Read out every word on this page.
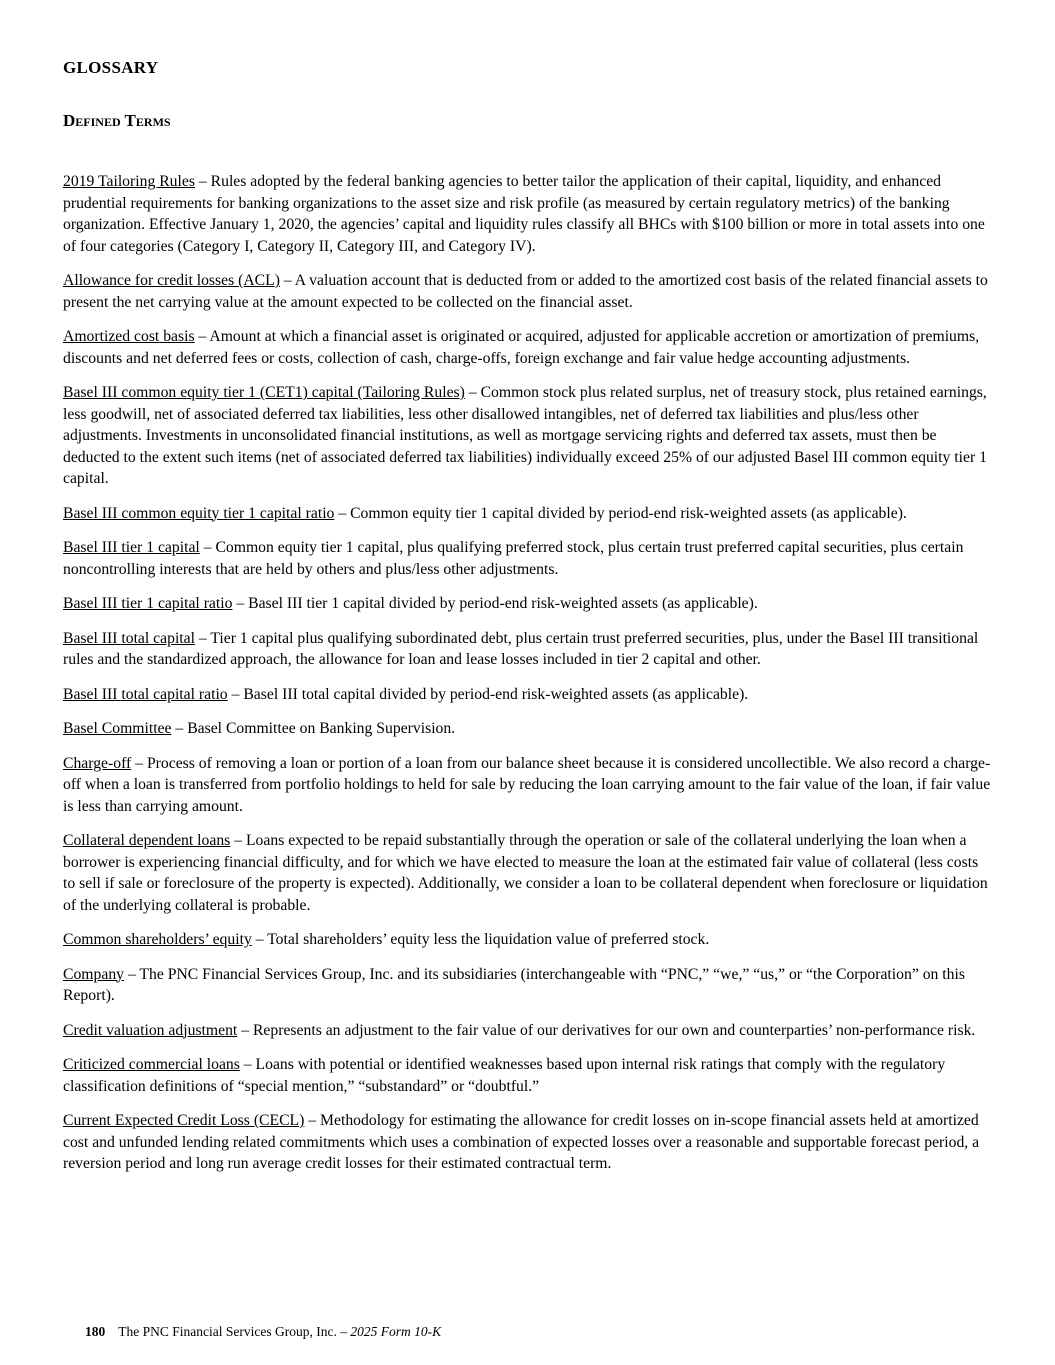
GLOSSARY
Defined Terms

2019 Tailoring Rules – Rules adopted by the federal banking agencies to better tailor the application of their capital, liquidity, and enhanced prudential requirements for banking organizations to the asset size and risk profile (as measured by certain regulatory metrics) of the banking organization. Effective January 1, 2020, the agencies’ capital and liquidity rules classify all BHCs with $100 billion or more in total assets into one of four categories (Category I, Category II, Category III, and Category IV).

Allowance for credit losses (ACL) – A valuation account that is deducted from or added to the amortized cost basis of the related financial assets to present the net carrying value at the amount expected to be collected on the financial asset.

Amortized cost basis – Amount at which a financial asset is originated or acquired, adjusted for applicable accretion or amortization of premiums, discounts and net deferred fees or costs, collection of cash, charge-offs, foreign exchange and fair value hedge accounting adjustments.

Basel III common equity tier 1 (CET1) capital (Tailoring Rules) – Common stock plus related surplus, net of treasury stock, plus retained earnings, less goodwill, net of associated deferred tax liabilities, less other disallowed intangibles, net of deferred tax liabilities and plus/less other adjustments. Investments in unconsolidated financial institutions, as well as mortgage servicing rights and deferred tax assets, must then be deducted to the extent such items (net of associated deferred tax liabilities) individually exceed 25% of our adjusted Basel III common equity tier 1 capital.

Basel III common equity tier 1 capital ratio – Common equity tier 1 capital divided by period-end risk-weighted assets (as applicable).

Basel III tier 1 capital – Common equity tier 1 capital, plus qualifying preferred stock, plus certain trust preferred capital securities, plus certain noncontrolling interests that are held by others and plus/less other adjustments.

Basel III tier 1 capital ratio – Basel III tier 1 capital divided by period-end risk-weighted assets (as applicable).

Basel III total capital – Tier 1 capital plus qualifying subordinated debt, plus certain trust preferred securities, plus, under the Basel III transitional rules and the standardized approach, the allowance for loan and lease losses included in tier 2 capital and other.

Basel III total capital ratio – Basel III total capital divided by period-end risk-weighted assets (as applicable).

Basel Committee – Basel Committee on Banking Supervision.

Charge-off – Process of removing a loan or portion of a loan from our balance sheet because it is considered uncollectible. We also record a charge-off when a loan is transferred from portfolio holdings to held for sale by reducing the loan carrying amount to the fair value of the loan, if fair value is less than carrying amount.

Collateral dependent loans – Loans expected to be repaid substantially through the operation or sale of the collateral underlying the loan when a borrower is experiencing financial difficulty, and for which we have elected to measure the loan at the estimated fair value of collateral (less costs to sell if sale or foreclosure of the property is expected). Additionally, we consider a loan to be collateral dependent when foreclosure or liquidation of the underlying collateral is probable.

Common shareholders’ equity – Total shareholders’ equity less the liquidation value of preferred stock.

Company – The PNC Financial Services Group, Inc. and its subsidiaries (interchangeable with “PNC,” “we,” “us,” or “the Corporation” on this Report).

Credit valuation adjustment – Represents an adjustment to the fair value of our derivatives for our own and counterparties’ non-performance risk.

Criticized commercial loans – Loans with potential or identified weaknesses based upon internal risk ratings that comply with the regulatory classification definitions of “special mention,” “substandard” or “doubtful.”

Current Expected Credit Loss (CECL) – Methodology for estimating the allowance for credit losses on in-scope financial assets held at amortized cost and unfunded lending related commitments which uses a combination of expected losses over a reasonable and supportable forecast period, a reversion period and long run average credit losses for their estimated contractual term.

180 The PNC Financial Services Group, Inc. – 2025 Form 10-K
